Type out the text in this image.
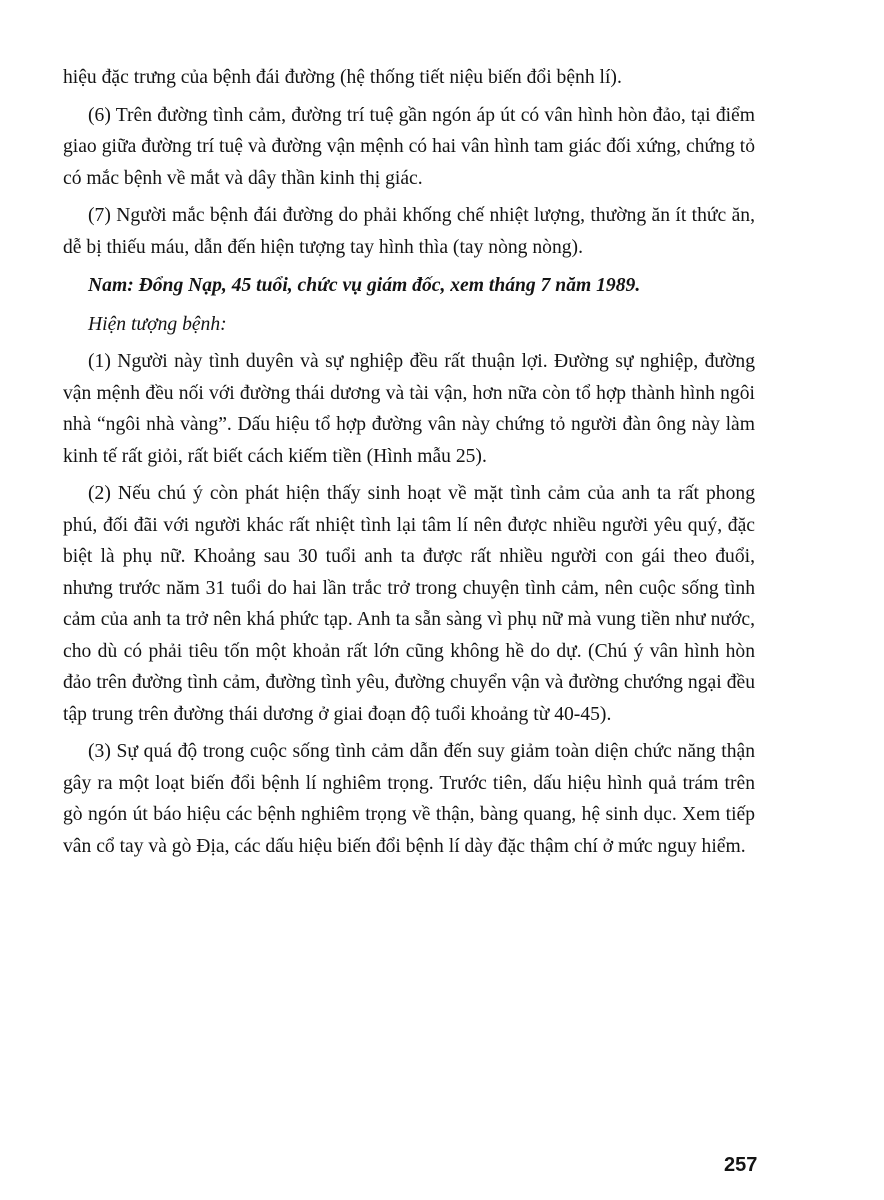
hiệu đặc trưng của bệnh đái đường (hệ thống tiết niệu biến đổi bệnh lí).

(6) Trên đường tình cảm, đường trí tuệ gần ngón áp út có vân hình hòn đảo, tại điểm giao giữa đường trí tuệ và đường vận mệnh có hai vân hình tam giác đối xứng, chứng tỏ có mắc bệnh về mắt và dây thần kinh thị giác.

(7) Người mắc bệnh đái đường do phải khống chế nhiệt lượng, thường ăn ít thức ăn, dễ bị thiếu máu, dẫn đến hiện tượng tay hình thìa (tay nòng nòng).

Nam: Đổng Nạp, 45 tuổi, chức vụ giám đốc, xem tháng 7 năm 1989.

Hiện tượng bệnh:

(1) Người này tình duyên và sự nghiệp đều rất thuận lợi. Đường sự nghiệp, đường vận mệnh đều nối với đường thái dương và tài vận, hơn nữa còn tổ hợp thành hình ngôi nhà “ngôi nhà vàng”. Dấu hiệu tổ hợp đường vân này chứng tỏ người đàn ông này làm kinh tế rất giỏi, rất biết cách kiếm tiền (Hình mẫu 25).

(2) Nếu chú ý còn phát hiện thấy sinh hoạt về mặt tình cảm của anh ta rất phong phú, đối đãi với người khác rất nhiệt tình lại tâm lí nên được nhiều người yêu quý, đặc biệt là phụ nữ. Khoảng sau 30 tuổi anh ta được rất nhiều người con gái theo đuổi, nhưng trước năm 31 tuổi do hai lần trắc trở trong chuyện tình cảm, nên cuộc sống tình cảm của anh ta trở nên khá phức tạp. Anh ta sẵn sàng vì phụ nữ mà vung tiền như nước, cho dù có phải tiêu tốn một khoản rất lớn cũng không hề do dự. (Chú ý vân hình hòn đảo trên đường tình cảm, đường tình yêu, đường chuyển vận và đường chướng ngại đều tập trung trên đường thái dương ở giai đoạn độ tuổi khoảng từ 40-45).

(3) Sự quá độ trong cuộc sống tình cảm dẫn đến suy giảm toàn diện chức năng thận gây ra một loạt biến đổi bệnh lí nghiêm trọng. Trước tiên, dấu hiệu hình quả trám trên gò ngón út báo hiệu các bệnh nghiêm trọng về thận, bàng quang, hệ sinh dục. Xem tiếp vân cổ tay và gò Địa, các dấu hiệu biến đổi bệnh lí dày đặc thậm chí ở mức nguy hiểm.

257
